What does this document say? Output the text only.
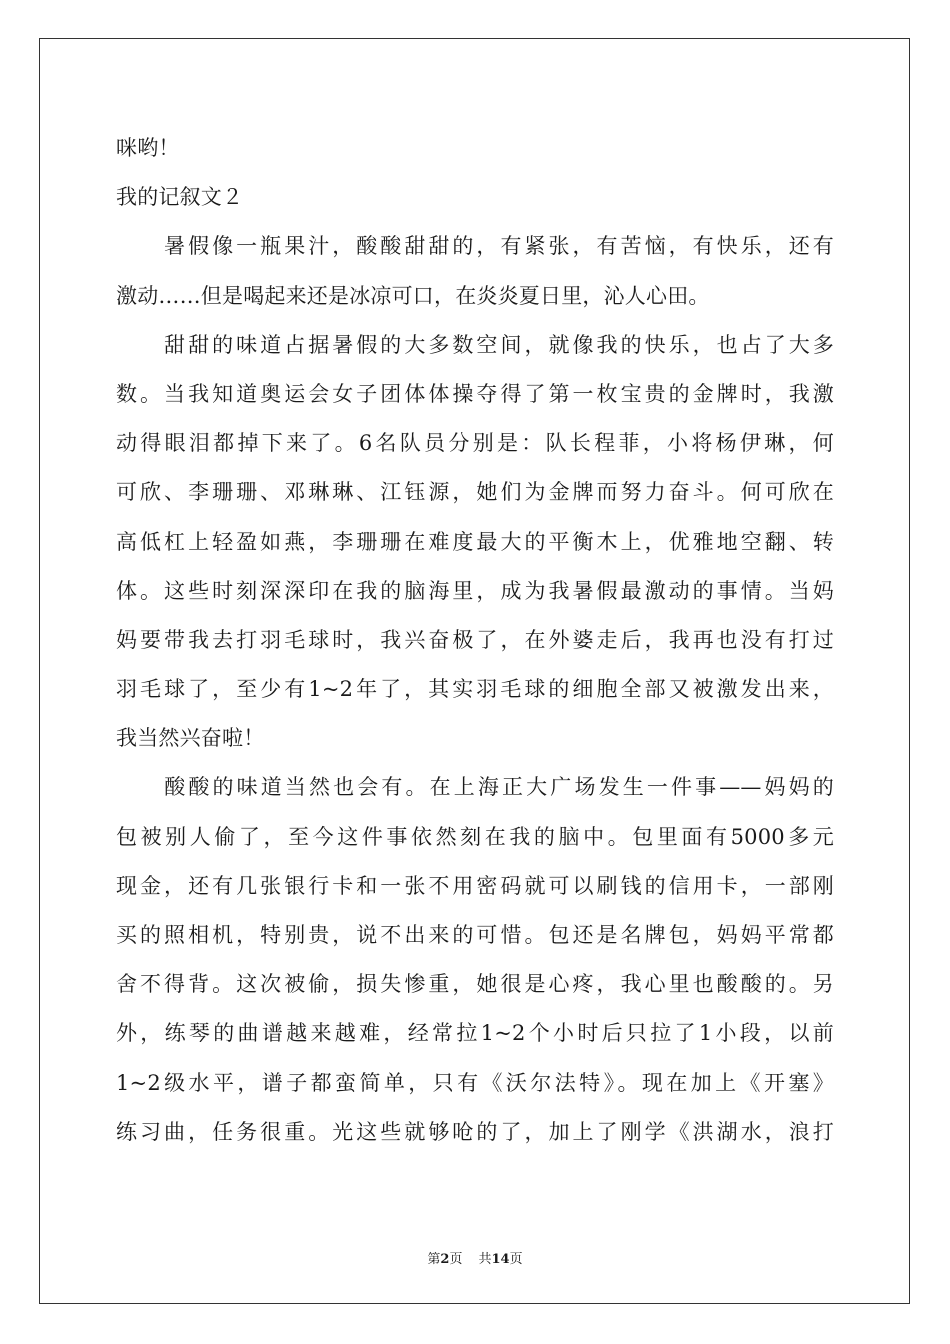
咪哟！
我的记叙文２
　　暑假像一瓶果汁，酸酸甜甜的，有紧张，有苦恼，有快乐，还有
激动……但是喝起来还是冰凉可口，在炎炎夏日里，沁人心田。
　　甜甜的味道占据暑假的大多数空间，就像我的快乐，也占了大多
数。当我知道奥运会女子团体体操夺得了第一枚宝贵的金牌时，我激
动得眼泪都掉下来了。6名队员分别是：队长程菲，小将杨伊琳，何
可欣、李珊珊、邓琳琳、江钰源，她们为金牌而努力奋斗。何可欣在
高低杠上轻盈如燕，李珊珊在难度最大的平衡木上，优雅地空翻、转
体。这些时刻深深印在我的脑海里，成为我暑假最激动的事情。当妈
妈要带我去打羽毛球时，我兴奋极了，在外婆走后，我再也没有打过
羽毛球了，至少有1~2年了，其实羽毛球的细胞全部又被激发出来，
我当然兴奋啦！
　　酸酸的味道当然也会有。在上海正大广场发生一件事——妈妈的
包被别人偷了，至今这件事依然刻在我的脑中。包里面有5000多元
现金，还有几张银行卡和一张不用密码就可以刷钱的信用卡，一部刚
买的照相机，特别贵，说不出来的可惜。包还是名牌包，妈妈平常都
舍不得背。这次被偷，损失惨重，她很是心疼，我心里也酸酸的。另
外，练琴的曲谱越来越难，经常拉1~2个小时后只拉了1小段，以前
1~2级水平，谱子都蛮简单，只有《沃尔法特》。现在加上《开塞》
练习曲，任务很重。光这些就够呛的了，加上了刚学《洪湖水，浪打
第2页 共14页
